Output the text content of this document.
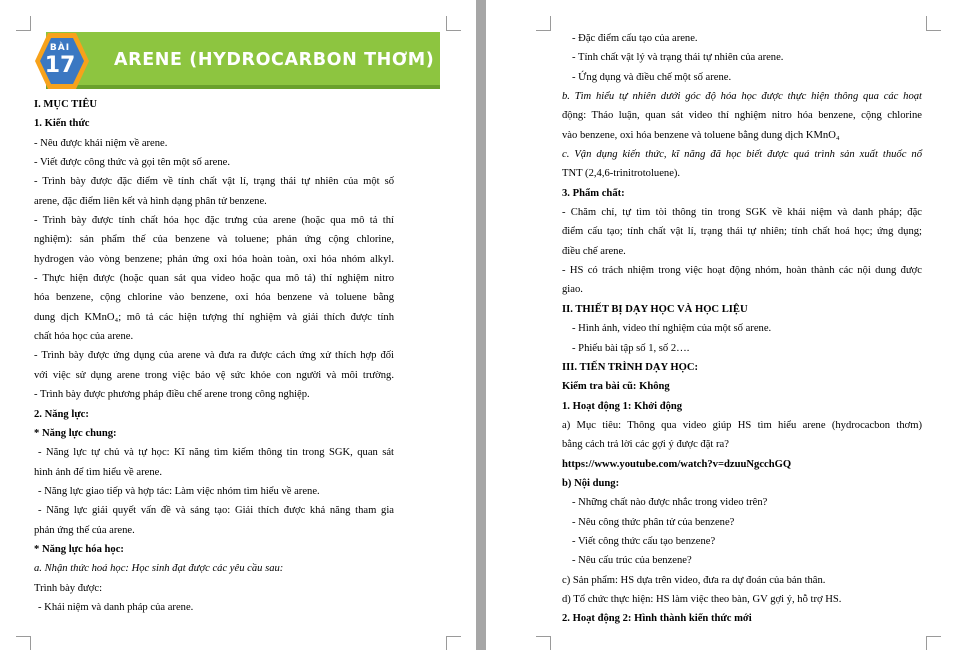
BÀI
17	ARENE (HYDROCARBON THƠM)
I. MỤC TIÊU
1. Kiến thức
- Nêu được khái niệm về arene.
- Viết được công thức và gọi tên một số arene.
- Trình bày được đặc điểm về tính chất vật lí, trạng thái tự nhiên của một số
arene, đặc điểm liên kết và hình dạng phân tử benzene.
- Trình bày được tính chất hóa học đặc trưng của arene (hoặc qua mô tả thí
nghiệm): sản phẩm thế của benzene và toluene; phản ứng cộng chlorine,
hydrogen vào vòng benzene; phản ứng oxi hóa hoàn toàn, oxi hóa nhóm alkyl.
- Thực hiện được (hoặc quan sát qua video hoặc qua mô tả) thí nghiệm nitro
hóa benzene, cộng chlorine vào benzene, oxi hóa benzene và toluene bằng
dung dịch KMnO₄; mô tả các hiện tượng thí nghiệm và giải thích được tính
chất hóa học của arene.
- Trình bày được ứng dụng của arene và đưa ra được cách ứng xử thích hợp đối
với việc sử dụng arene trong việc bảo vệ sức khỏe con người và môi trường.
- Trình bày được phương pháp điều chế arene trong công nghiệp.
2. Năng lực:
* Năng lực chung:
- Năng lực tự chủ và tự học: Kĩ năng tìm kiếm thông tin trong SGK, quan sát
hình ảnh để tìm hiểu về arene.
- Năng lực giao tiếp và hợp tác: Làm việc nhóm tìm hiểu về arene.
- Năng lực giải quyết vấn đề và sáng tạo: Giải thích được khả năng tham gia
phản ứng thế của arene.
* Năng lực hóa học:
a. Nhận thức hoá học: Học sinh đạt được các yêu cầu sau:
Trình bày được:
- Khái niệm và danh pháp của arene.
- Đặc điểm cấu tạo của arene.
- Tính chất vật lý và trạng thái tự nhiên của arene.
- Ứng dụng và điều chế một số arene.
b. Tìm hiểu tự nhiên dưới góc độ hóa học được thực hiện thông qua các hoạt
động: Thảo luận, quan sát video thí nghiệm nitro hóa benzene, cộng chlorine
vào benzene, oxi hóa benzene và toluene bằng dung dịch KMnO₄
c. Vận dụng kiến thức, kĩ năng đã học biết được quá trình sản xuất thuốc nổ
TNT (2,4,6-trinitrotoluene).
3. Phẩm chất:
- Chăm chỉ, tự tìm tòi thông tin trong SGK về khái niệm và danh pháp; đặc
điểm cấu tạo; tính chất vật lí, trạng thái tự nhiên; tính chất hoá học; ứng dụng;
điều chế arene.
- HS có trách nhiệm trong việc hoạt động nhóm, hoàn thành các nội dung được
giao.
II. THIẾT BỊ DẠY HỌC VÀ HỌC LIỆU
- Hình ảnh, video thí nghiệm của một số arene.
- Phiếu bài tập số 1, số 2….
III. TIẾN TRÌNH DẠY HỌC:
Kiểm tra bài cũ: Không
1. Hoạt động 1: Khởi động
a) Mục tiêu: Thông qua video giúp HS tìm hiểu arene (hydrocacbon thơm)
bằng cách trả lời các gợi ý được đặt ra?
https://www.youtube.com/watch?v=dzuuNgcchGQ
b) Nội dung:
- Những chất nào được nhắc trong video trên?
- Nêu công thức phân tử của benzene?
- Viết công thức cấu tạo benzene?
- Nêu cấu trúc của benzene?
c) Sản phẩm: HS dựa trên video, đưa ra dự đoán của bản thân.
d) Tổ chức thực hiện: HS làm việc theo bàn, GV gợi ý, hỗ trợ HS.
2. Hoạt động 2: Hình thành kiến thức mới
